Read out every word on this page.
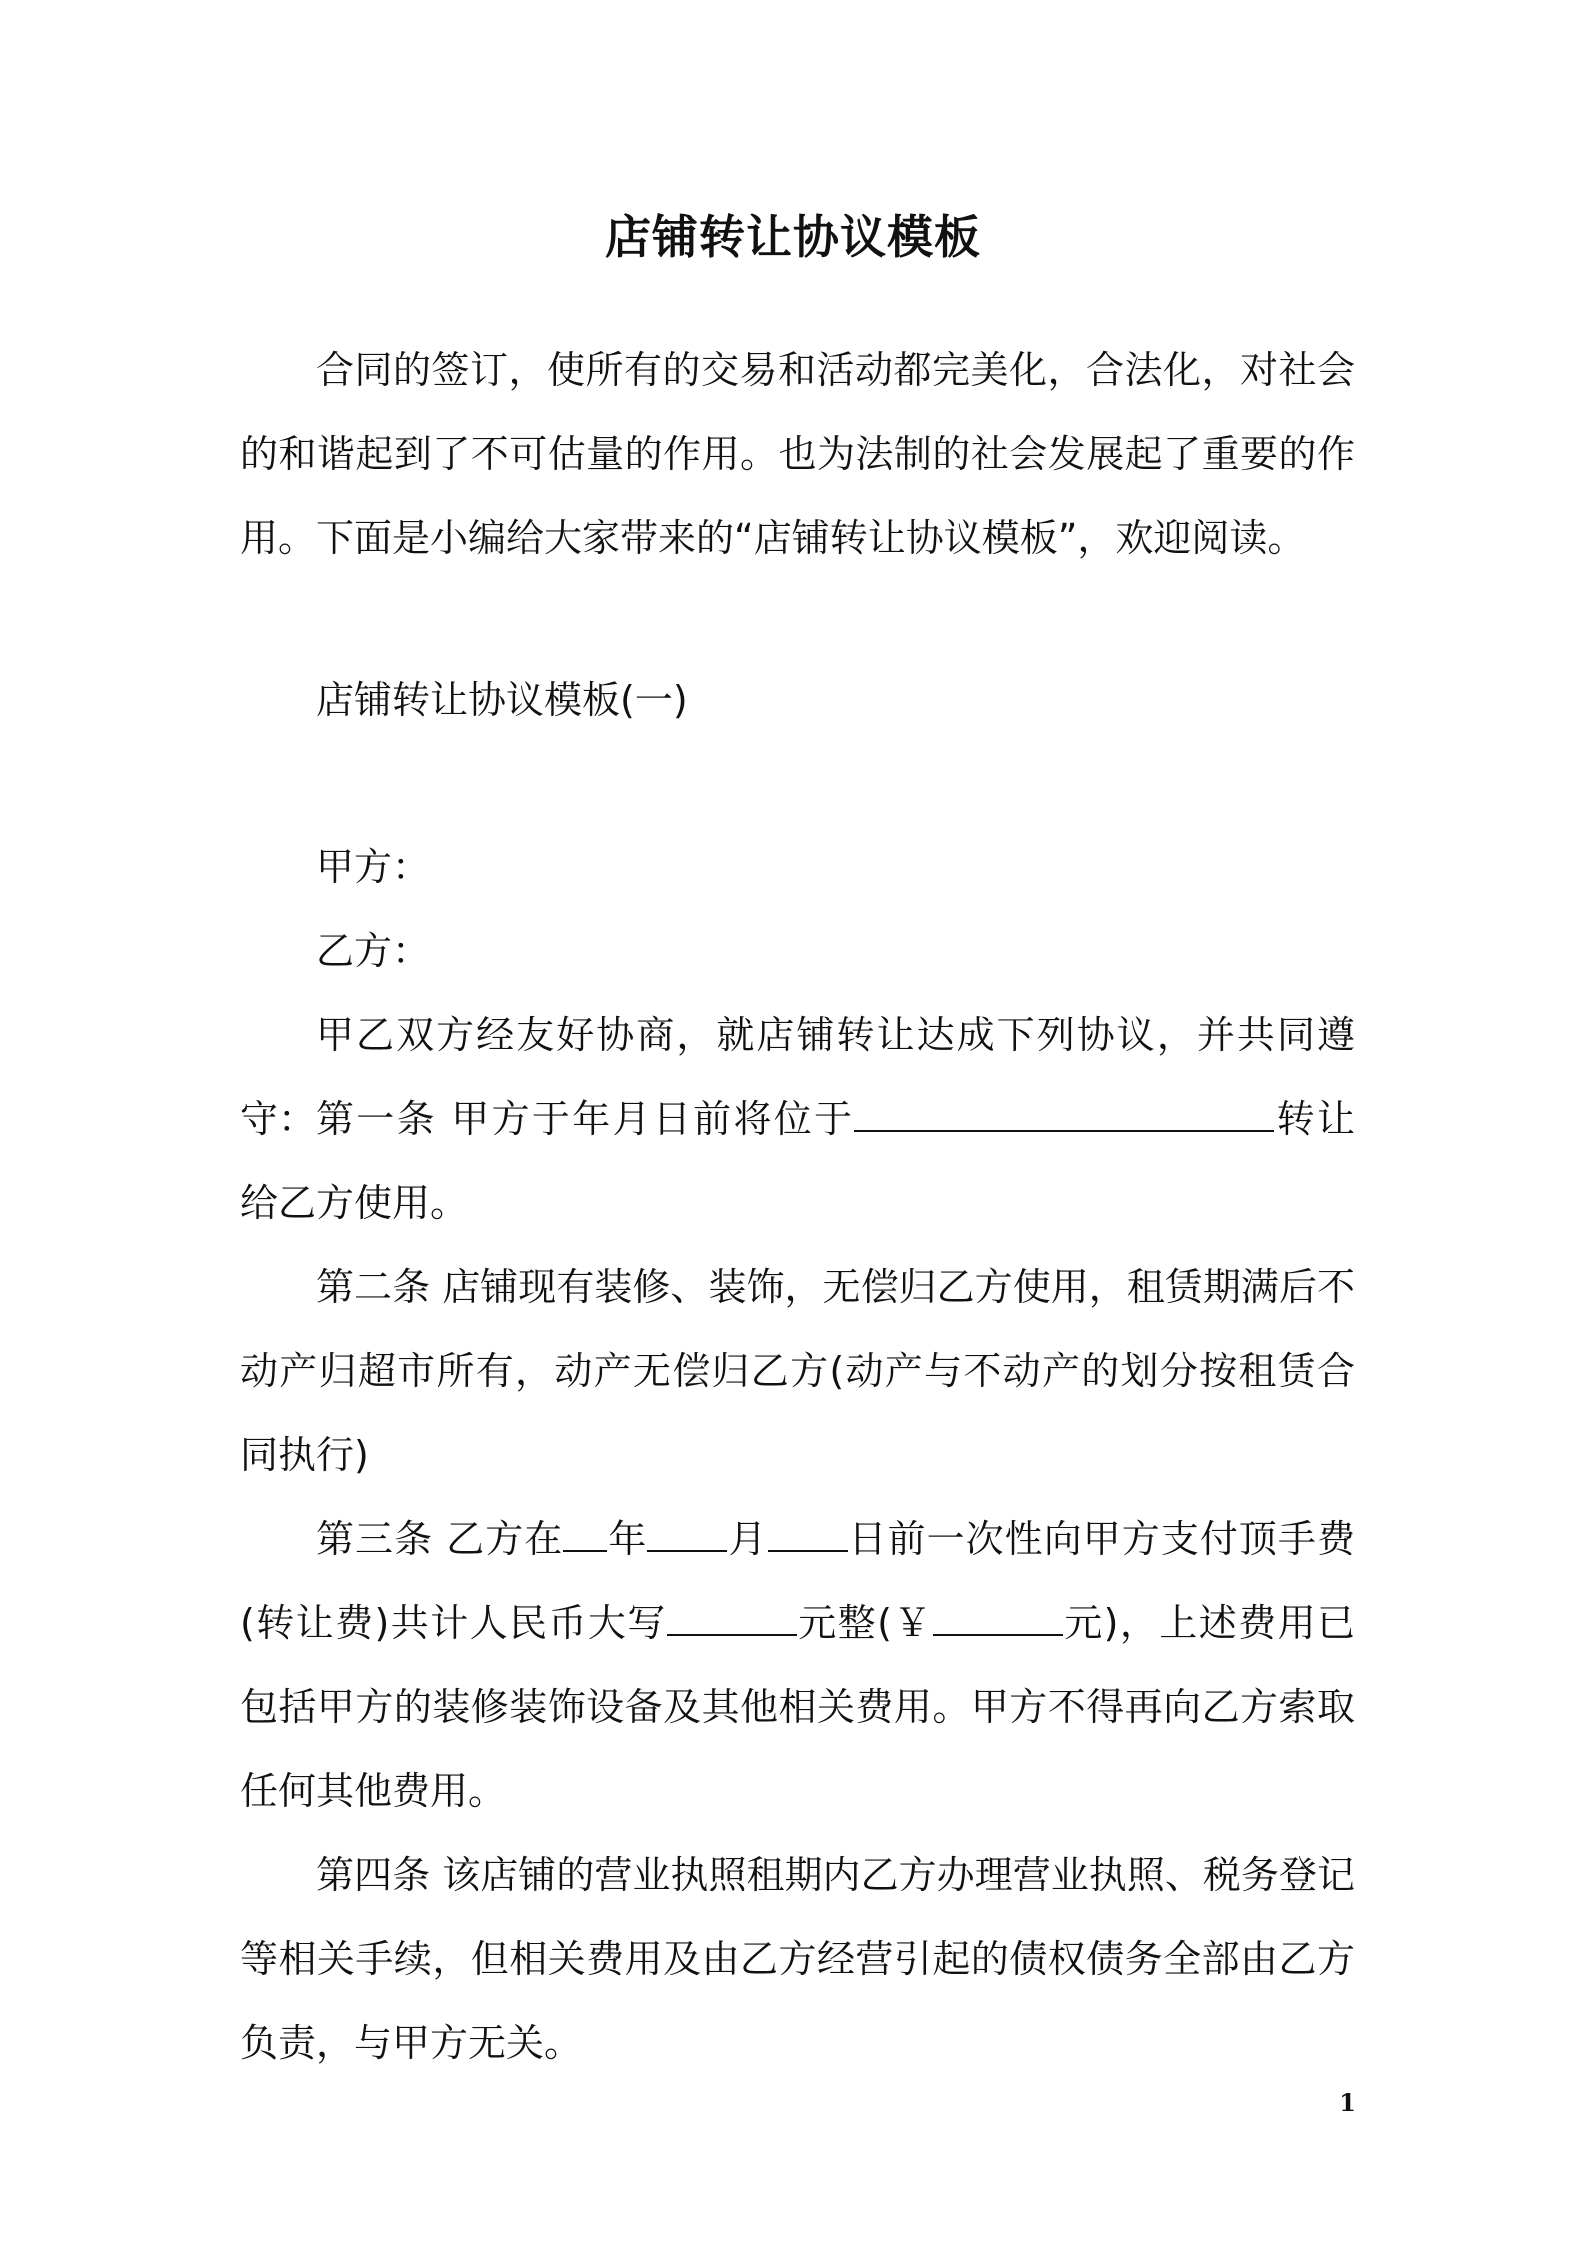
店铺转让协议模板
合同的签订，使所有的交易和活动都完美化，合法化，对社会的和谐起到了不可估量的作用。也为法制的社会发展起了重要的作用。下面是小编给大家带来的“店铺转让协议模板”，欢迎阅读。
店铺转让协议模板(一)
甲方：
乙方：
甲乙双方经友好协商，就店铺转让达成下列协议，并共同遵守： 第一条 甲方于年月日前将位于	转让给乙方使用。
第二条 店铺现有装修、装饰，无偿归乙方使用，租赁期满后不动产归超市所有，动产无偿归乙方(动产与不动产的划分按租赁合同执行)
第三条 乙方在 年 月 日前一次性向甲方支付顶手费(转让费)共计人民币大写	元整(￥	元)，上述费用已包括甲方的装修装饰设备及其他相关费用。甲方不得再向乙方索取任何其他费用。
第四条 该店铺的营业执照租期内乙方办理营业执照、税务登记等相关手续，但相关费用及由乙方经营引起的债权债务全部由乙方负责，与甲方无关。
1
